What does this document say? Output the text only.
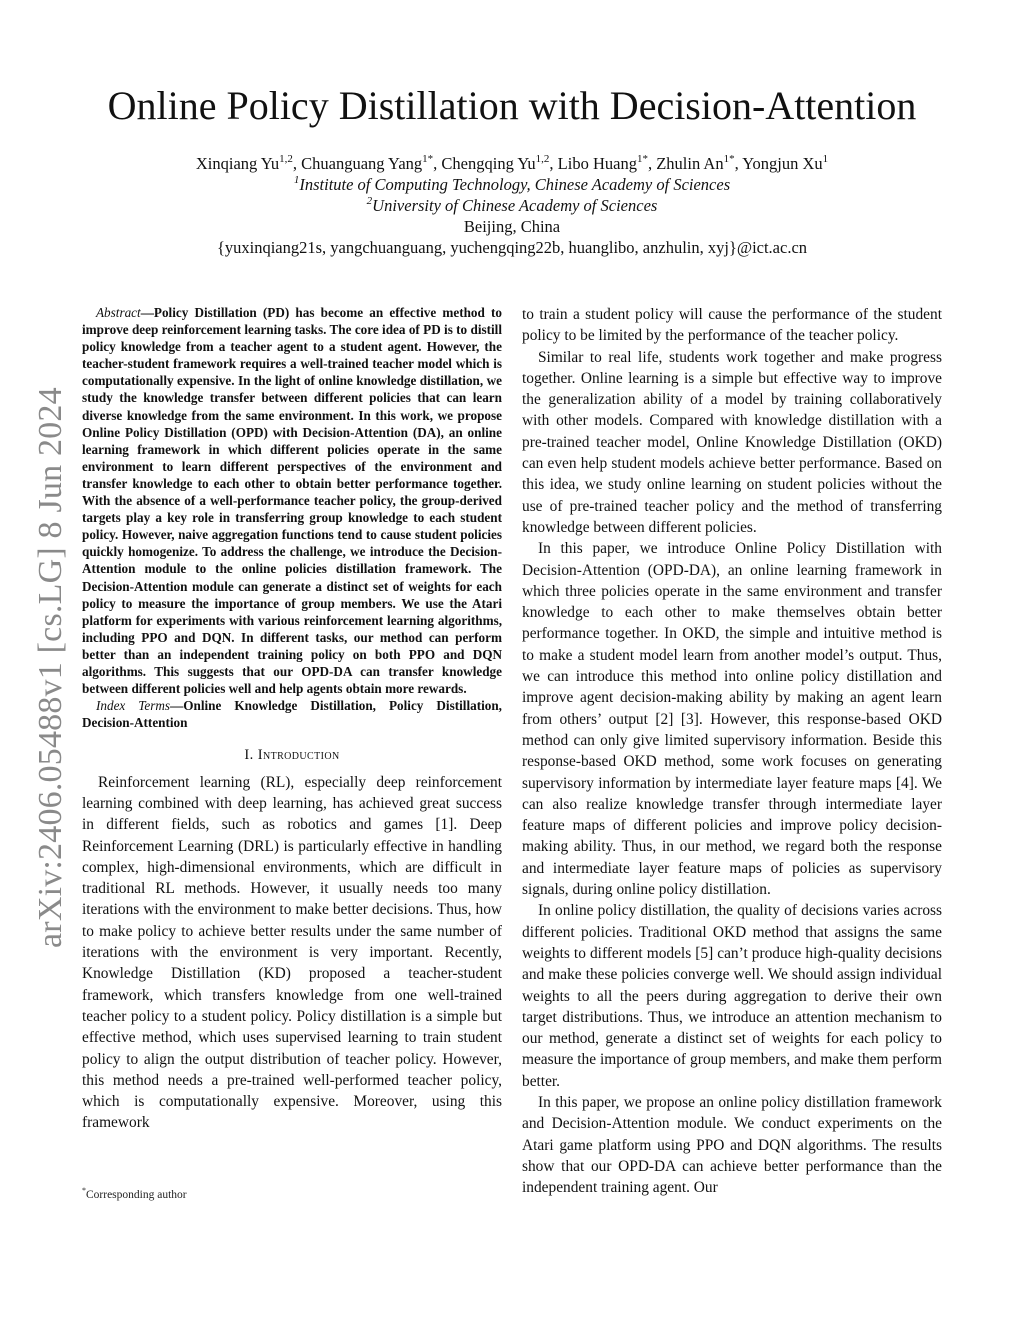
arXiv:2406.05488v1 [cs.LG] 8 Jun 2024
Online Policy Distillation with Decision-Attention
Xinqiang Yu$^{1,2}$, Chuanguang Yang$^{1*}$, Chengqing Yu$^{1,2}$, Libo Huang$^{1*}$, Zhulin $An^{1*}$, Yongjun Xu$^1$
$^1$Institute of Computing Technology, Chinese Academy of Sciences
$^2$University of Chinese Academy of Sciences
Beijing, China
{yuxinqiang21s, yangchuanguang, yuchengqing22b, huanglibo, anzhulin, xyj}@ict.ac.cn

Abstract—Policy Distillation (PD) has become an effective method to improve deep reinforcement learning tasks. The core idea of PD is to distill policy knowledge from a teacher agent to a student agent. However, the teacher-student framework requires a well-trained teacher model which is computationally expensive. In the light of online knowledge distillation, we study the knowledge transfer between different policies that can learn diverse knowledge from the same environment. In this work, we propose Online Policy Distillation (OPD) with Decision-Attention (DA), an online learning framework in which different policies operate in the same environment to learn different perspectives of the environment and transfer knowledge to each other to obtain better performance together. With the absence of a well-performance teacher policy, the group-derived targets play a key role in transferring group knowledge to each student policy. However, naive aggregation functions tend to cause student policies quickly homogenize. To address the challenge, we introduce the Decision-Attention module to the online policies distillation framework. The Decision-Attention module can generate a distinct set of weights for each policy to measure the importance of group members. We use the Atari platform for experiments with various reinforcement learning algorithms, including PPO and DQN. In different tasks, our method can perform better than an independent training policy on both PPO and DQN algorithms. This suggests that our OPD-DA can transfer knowledge between different policies well and help agents obtain more rewards.

Index Terms—Online Knowledge Distillation, Policy Distillation, Decision-Attention

I. Introduction

Reinforcement learning (RL), especially deep reinforcement learning combined with deep learning, has achieved great success in different fields, such as robotics and games [1]. Deep Reinforcement Learning (DRL) is particularly effective in handling complex, high-dimensional environments, which are difficult in traditional RL methods. However, it usually needs too many iterations with the environment to make better decisions. Thus, how to make policy to achieve better results under the same number of iterations with the environment is very important. Recently, Knowledge Distillation (KD) proposed a teacher-student framework, which transfers knowledge from one well-trained teacher policy to a student policy. Policy distillation is a simple but effective method, which uses supervised learning to train student policy to align the output distribution of teacher policy. However, this method needs a pre-trained well-performed teacher policy, which is computationally expensive. Moreover, using this framework

to train a student policy will cause the performance of the student policy to be limited by the performance of the teacher policy.

Similar to real life, students work together and make progress together. Online learning is a simple but effective way to improve the generalization ability of a model by training collaboratively with other models. Compared with knowledge distillation with a pre-trained teacher model, Online Knowledge Distillation (OKD) can even help student models achieve better performance. Based on this idea, we study online learning on student policies without the use of pre-trained teacher policy and the method of transferring knowledge between different policies.

In this paper, we introduce Online Policy Distillation with Decision-Attention (OPD-DA), an online learning framework in which three policies operate in the same environment and transfer knowledge to each other to make themselves obtain better performance together. In OKD, the simple and intuitive method is to make a student model learn from another model’s output. Thus, we can introduce this method into online policy distillation and improve agent decision-making ability by making an agent learn from others’ output [2] [3]. However, this response-based OKD method can only give limited supervisory information. Beside this response-based OKD method, some work focuses on generating supervisory information by intermediate layer feature maps [4]. We can also realize knowledge transfer through intermediate layer feature maps of different policies and improve policy decision-making ability. Thus, in our method, we regard both the response and intermediate layer feature maps of policies as supervisory signals, during online policy distillation.

In online policy distillation, the quality of decisions varies across different policies. Traditional OKD method that assigns the same weights to different models [5] can’t produce high-quality decisions and make these policies converge well. We should assign individual weights to all the peers during aggregation to derive their own target distributions. Thus, we introduce an attention mechanism to our method, generate a distinct set of weights for each policy to measure the importance of group members, and make them perform better.

In this paper, we propose an online policy distillation framework and Decision-Attention module. We conduct experiments on the Atari game platform using PPO and DQN algorithms. The results show that our OPD-DA can achieve better performance than the independent training agent. Our

*Corresponding author
